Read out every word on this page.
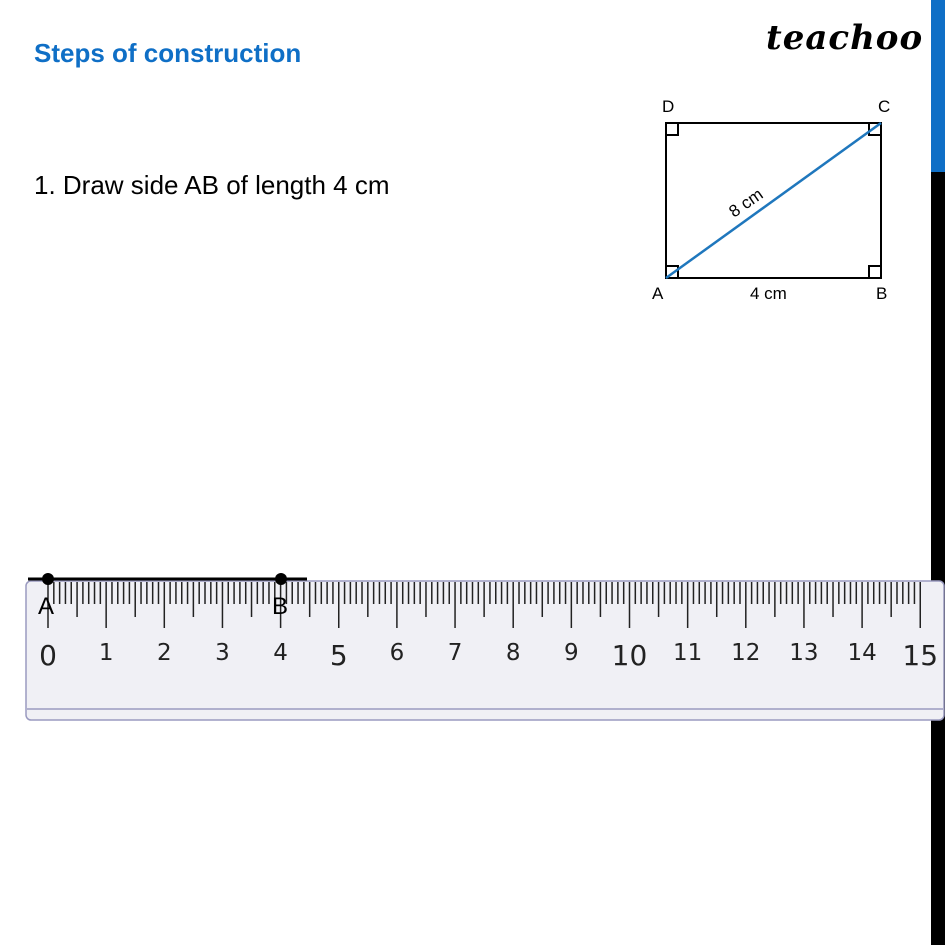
Steps of construction	teachoo
1. Draw side AB of length 4 cm
D	C
A	B
4 cm
8 cm
0 1 2 3 4 5 6 7 8 9 10 11 12 13 14 15
A	B
